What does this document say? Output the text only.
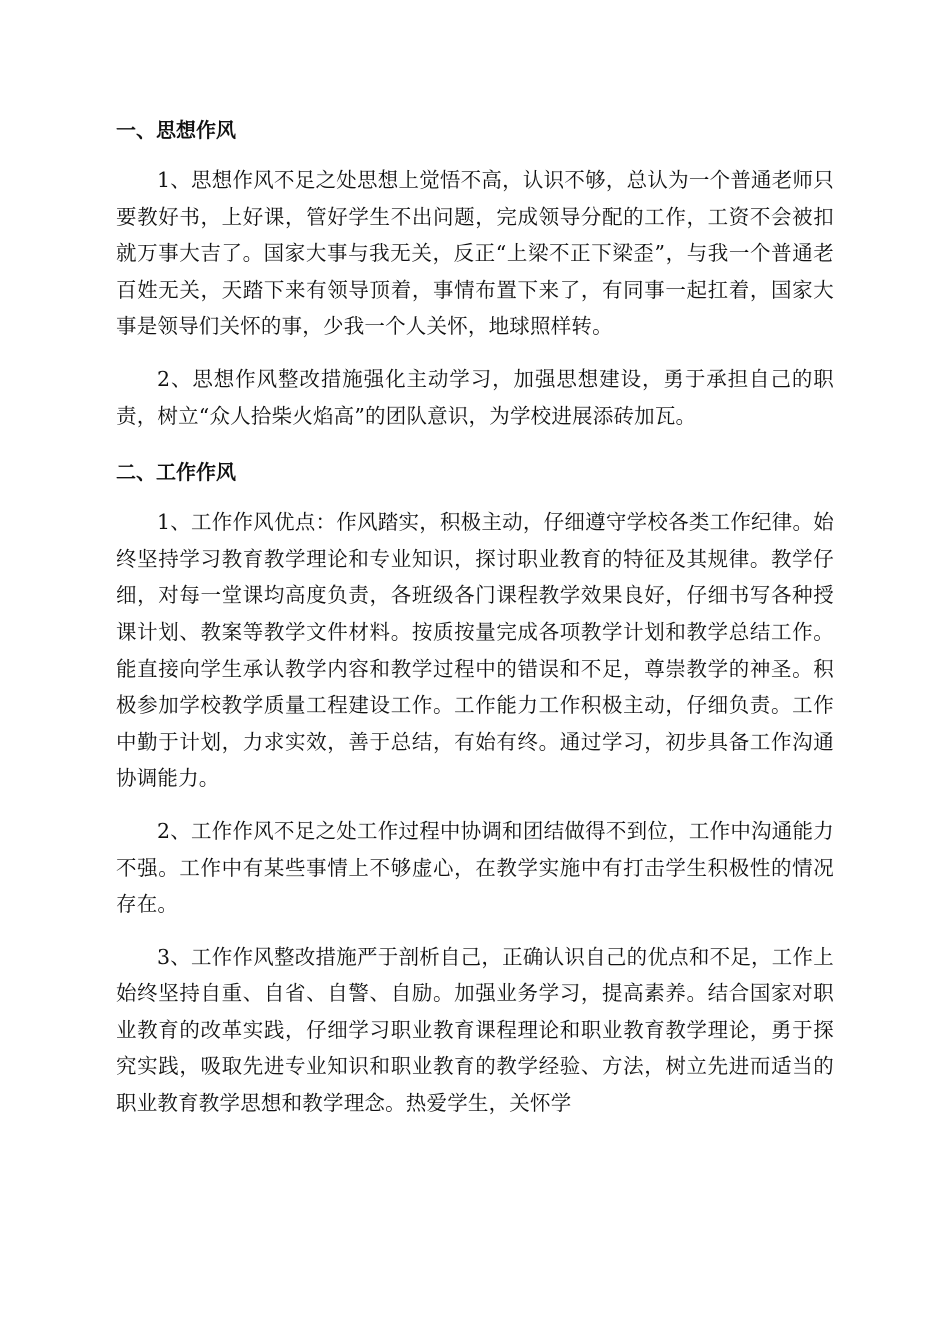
一、思想作风

1、思想作风不足之处思想上觉悟不高，认识不够，总认为一个普通老师只要教好书，上好课，管好学生不出问题，完成领导分配的工作，工资不会被扣就万事大吉了。国家大事与我无关，反正“上梁不正下梁歪”，与我一个普通老百姓无关，天踏下来有领导顶着，事情布置下来了，有同事一起扛着，国家大事是领导们关怀的事，少我一个人关怀，地球照样转。

2、思想作风整改措施强化主动学习，加强思想建设，勇于承担自己的职责，树立“众人拾柴火焰高”的团队意识，为学校进展添砖加瓦。

二、工作作风

1、工作作风优点：作风踏实，积极主动，仔细遵守学校各类工作纪律。始终坚持学习教育教学理论和专业知识，探讨职业教育的特征及其规律。教学仔细，对每一堂课均高度负责，各班级各门课程教学效果良好，仔细书写各种授课计划、教案等教学文件材料。按质按量完成各项教学计划和教学总结工作。能直接向学生承认教学内容和教学过程中的错误和不足，尊崇教学的神圣。积极参加学校教学质量工程建设工作。工作能力工作积极主动，仔细负责。工作中勤于计划，力求实效，善于总结，有始有终。通过学习，初步具备工作沟通协调能力。

2、工作作风不足之处工作过程中协调和团结做得不到位，工作中沟通能力不强。工作中有某些事情上不够虚心，在教学实施中有打击学生积极性的情况存在。

3、工作作风整改措施严于剖析自己，正确认识自己的优点和不足，工作上始终坚持自重、自省、自警、自励。加强业务学习，提高素养。结合国家对职业教育的改革实践，仔细学习职业教育课程理论和职业教育教学理论，勇于探究实践，吸取先进专业知识和职业教育的教学经验、方法，树立先进而适当的职业教育教学思想和教学理念。热爱学生，关怀学
